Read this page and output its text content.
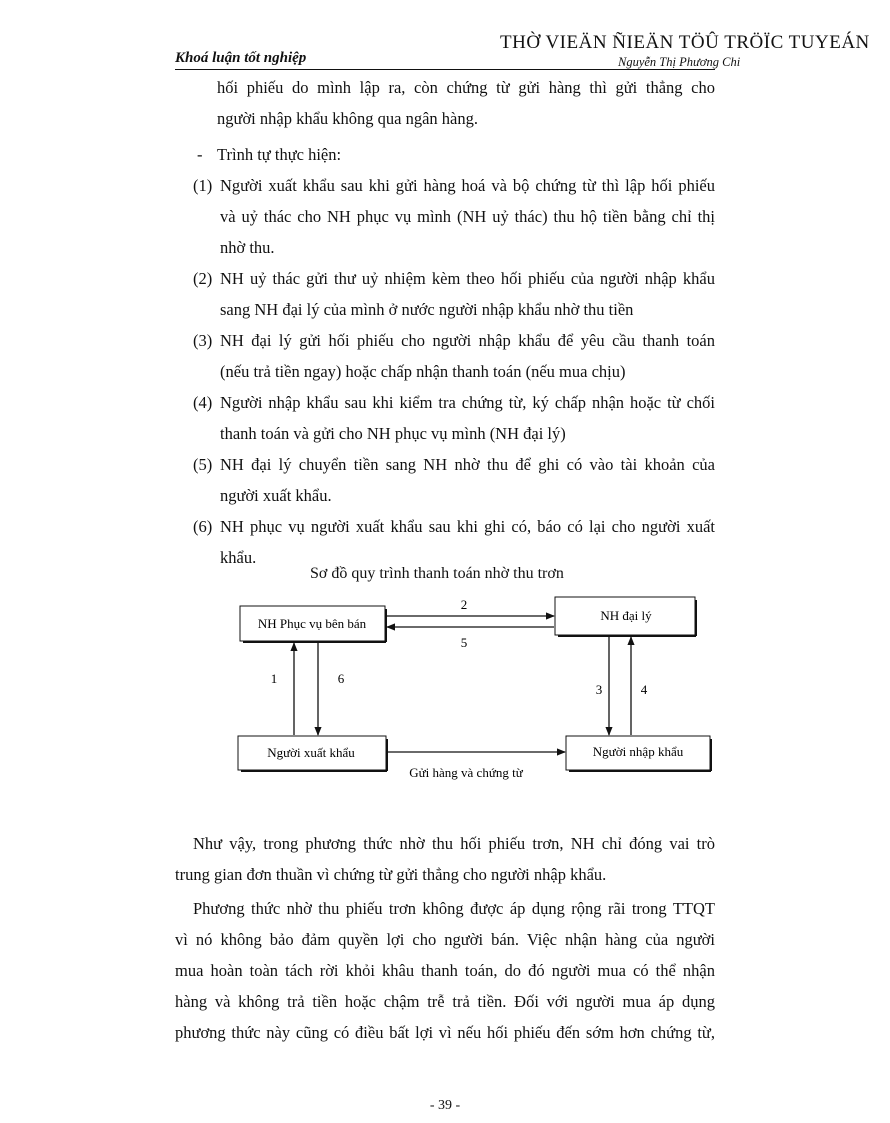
THỜ VIEÄN ÑIEÄN TÖÛ TRÖÏC TUYEÁN
Khoá luận tốt nghiệp	Nguyễn Thị Phương Chi
hối phiếu do mình lập ra, còn chứng từ gửi hàng thì gửi thẳng cho
người nhập khẩu không qua ngân hàng.
- Trình tự thực hiện:
(1) Người xuất khẩu sau khi gửi hàng hoá và bộ chứng từ thì lập hối phiếu
và uỷ thác cho NH phục vụ mình (NH uỷ thác) thu hộ tiền bằng chỉ thị
nhờ thu.
(2) NH uỷ thác gửi thư uỷ nhiệm kèm theo hối phiếu của người nhập khẩu
sang NH đại lý của mình ở nước người nhập khẩu nhờ thu tiền
(3) NH đại lý gửi hối phiếu cho người nhập khẩu để yêu cầu thanh toán
(nếu trả tiền ngay) hoặc chấp nhận thanh toán (nếu mua chịu)
(4) Người nhập khẩu sau khi kiểm tra chứng từ, ký chấp nhận hoặc từ chối
thanh toán và gửi cho NH phục vụ mình (NH đại lý)
(5) NH đại lý chuyển tiền sang NH nhờ thu để ghi có vào tài khoản của
người xuất khẩu.
(6) NH phục vụ người xuất khẩu sau khi ghi có, báo có lại cho người xuất
khẩu.
Sơ đồ quy trình thanh toán nhờ thu trơn
NH Phục vụ bên bán
NH đại lý
Người xuất khẩu	Người nhập khẩu
2
5
1	6
3	4
Gửi hàng và chứng từ
Như vậy, trong phương thức nhờ thu hối phiếu trơn, NH chỉ đóng vai trò
trung gian đơn thuần vì chứng từ gửi thẳng cho người nhập khẩu.
Phương thức nhờ thu phiếu trơn không được áp dụng rộng rãi trong TTQT
vì nó không bảo đảm quyền lợi cho người bán. Việc nhận hàng của người
mua hoàn toàn tách rời khỏi khâu thanh toán, do đó người mua có thể nhận
hàng và không trả tiền hoặc chậm trễ trả tiền. Đối với người mua áp dụng
phương thức này cũng có điều bất lợi vì nếu hối phiếu đến sớm hơn chứng từ,
- 39 -
